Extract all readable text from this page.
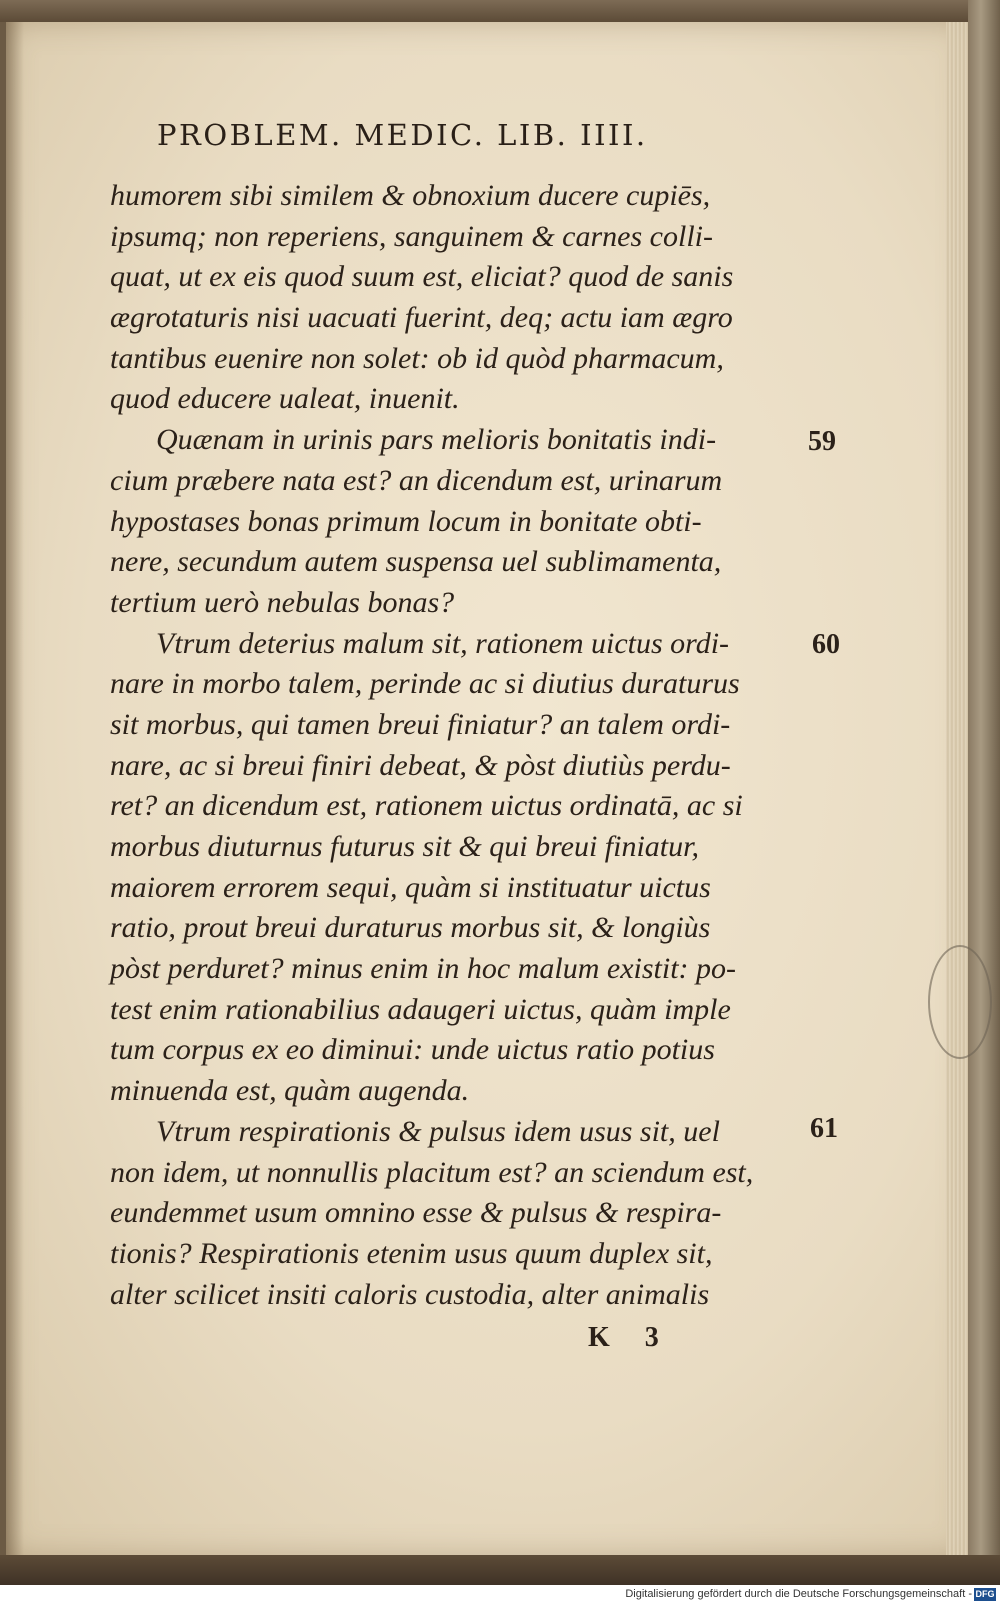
PROBLEM. MEDIC. LIB. IIII.
humorem sibi similem & obnoxium ducere cupiēs,
ipsumq; non reperiens, sanguinem & carnes colli-
quat, ut ex eis quod suum est, eliciat? quod de sanis
ægrotaturis nisi uacuati fuerint, deq; actu iam ægro
tantibus euenire non solet: ob id quòd pharmacum,
quod educere ualeat, inuenit.
Quænam in urinis pars melioris bonitatis indi-
cium præbere nata est? an dicendum est, urinarum
hypostases bonas primum locum in bonitate obti-
nere, secundum autem suspensa uel sublimamenta,
tertium uerò nebulas bonas?
Vtrum deterius malum sit, rationem uictus ordi-
nare in morbo talem, perinde ac si diutius duraturus
sit morbus, qui tamen breui finiatur? an talem ordi-
nare, ac si breui finiri debeat, & pòst diutiùs perdu-
ret? an dicendum est, rationem uictus ordinatā, ac si
morbus diuturnus futurus sit & qui breui finiatur,
maiorem errorem sequi, quàm si instituatur uictus
ratio, prout breui duraturus morbus sit, & longiùs
pòst perduret? minus enim in hoc malum existit: po-
test enim rationabilius adaugeri uictus, quàm imple
tum corpus ex eo diminui: unde uictus ratio potius
minuenda est, quàm augenda.
Vtrum respirationis & pulsus idem usus sit, uel
non idem, ut nonnullis placitum est? an sciendum est,
eundemmet usum omnino esse & pulsus & respira-
tionis? Respirationis etenim usus quum duplex sit,
alter scilicet insiti caloris custodia, alter animalis
59
60
61
K 3
Digitalisierung gefördert durch die Deutsche Forschungsgemeinschaft - DFG
